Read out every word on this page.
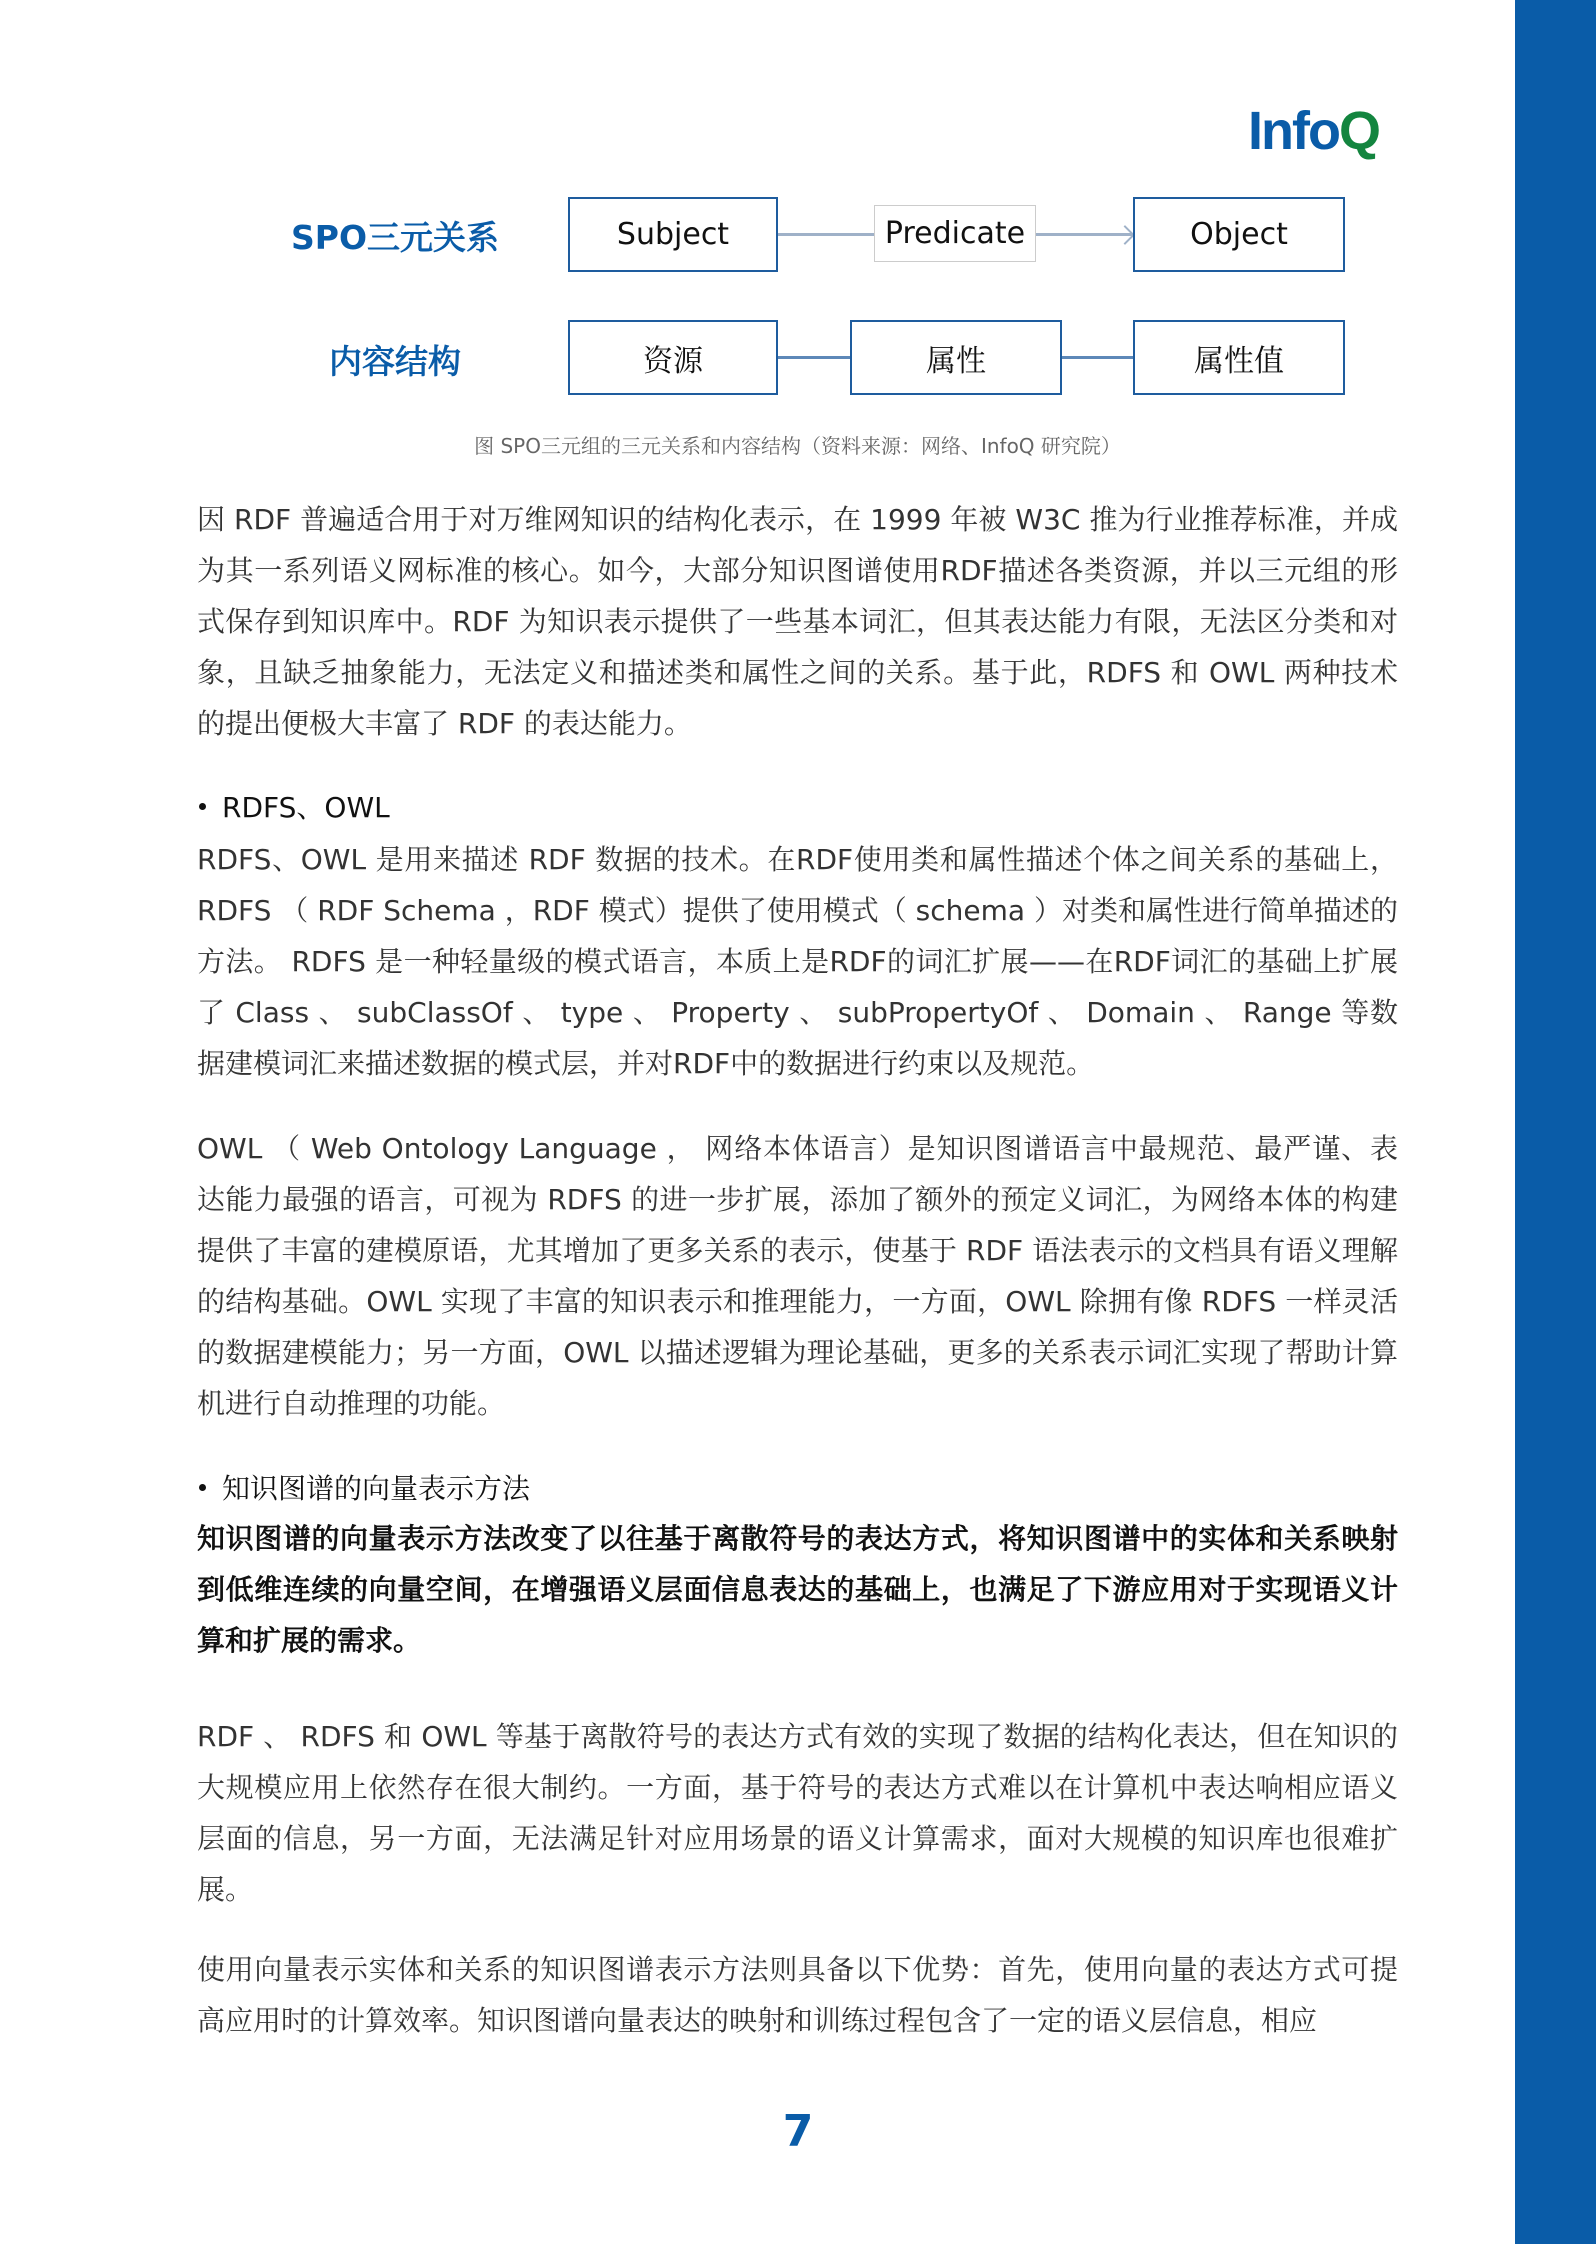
InfoQ
SPO三元关系
内容结构
Subject	Predicate	Object
资源	属性	属性值
图 SPO三元组的三元关系和内容结构（资料来源：网络、InfoQ 研究院）

因 RDF 普遍适合用于对万维网知识的结构化表示，在 1999 年被 W3C 推为行业推荐标准，并成为其一系列语义网标准的核心。如今，大部分知识图谱使用RDF描述各类资源，并以三元组的形式保存到知识库中。RDF 为知识表示提供了一些基本词汇，但其表达能力有限，无法区分类和对象，且缺乏抽象能力，无法定义和描述类和属性之间的关系。基于此，RDFS 和 OWL 两种技术的提出便极大丰富了 RDF 的表达能力。

RDFS、OWL

RDFS、OWL 是用来描述 RDF 数据的技术。在RDF使用类和属性描述个体之间关系的基础上，RDFS （ RDF Schema ，RDF 模式）提供了使用模式（ schema ）对类和属性进行简单描述的方法。 RDFS 是一种轻量级的模式语言，本质上是RDF的词汇扩展——在RDF词汇的基础上扩展了 Class 、 subClassOf 、 type 、 Property 、 subPropertyOf 、 Domain 、 Range 等数据建模词汇来描述数据的模式层，并对RDF中的数据进行约束以及规范。

OWL （ Web Ontology Language ， 网络本体语言）是知识图谱语言中最规范、最严谨、表达能力最强的语言，可视为 RDFS 的进一步扩展，添加了额外的预定义词汇，为网络本体的构建提供了丰富的建模原语，尤其增加了更多关系的表示，使基于 RDF 语法表示的文档具有语义理解的结构基础。OWL 实现了丰富的知识表示和推理能力，一方面，OWL 除拥有像 RDFS 一样灵活的数据建模能力；另一方面，OWL 以描述逻辑为理论基础，更多的关系表示词汇实现了帮助计算机进行自动推理的功能。

知识图谱的向量表示方法

知识图谱的向量表示方法改变了以往基于离散符号的表达方式，将知识图谱中的实体和关系映射到低维连续的向量空间，在增强语义层面信息表达的基础上，也满足了下游应用对于实现语义计算和扩展的需求。

RDF 、 RDFS 和 OWL 等基于离散符号的表达方式有效的实现了数据的结构化表达，但在知识的大规模应用上依然存在很大制约。一方面，基于符号的表达方式难以在计算机中表达响相应语义层面的信息，另一方面，无法满足针对应用场景的语义计算需求，面对大规模的知识库也很难扩展。

使用向量表示实体和关系的知识图谱表示方法则具备以下优势：首先，使用向量的表达方式可提高应用时的计算效率。知识图谱向量表达的映射和训练过程包含了一定的语义层信息，相应

7
